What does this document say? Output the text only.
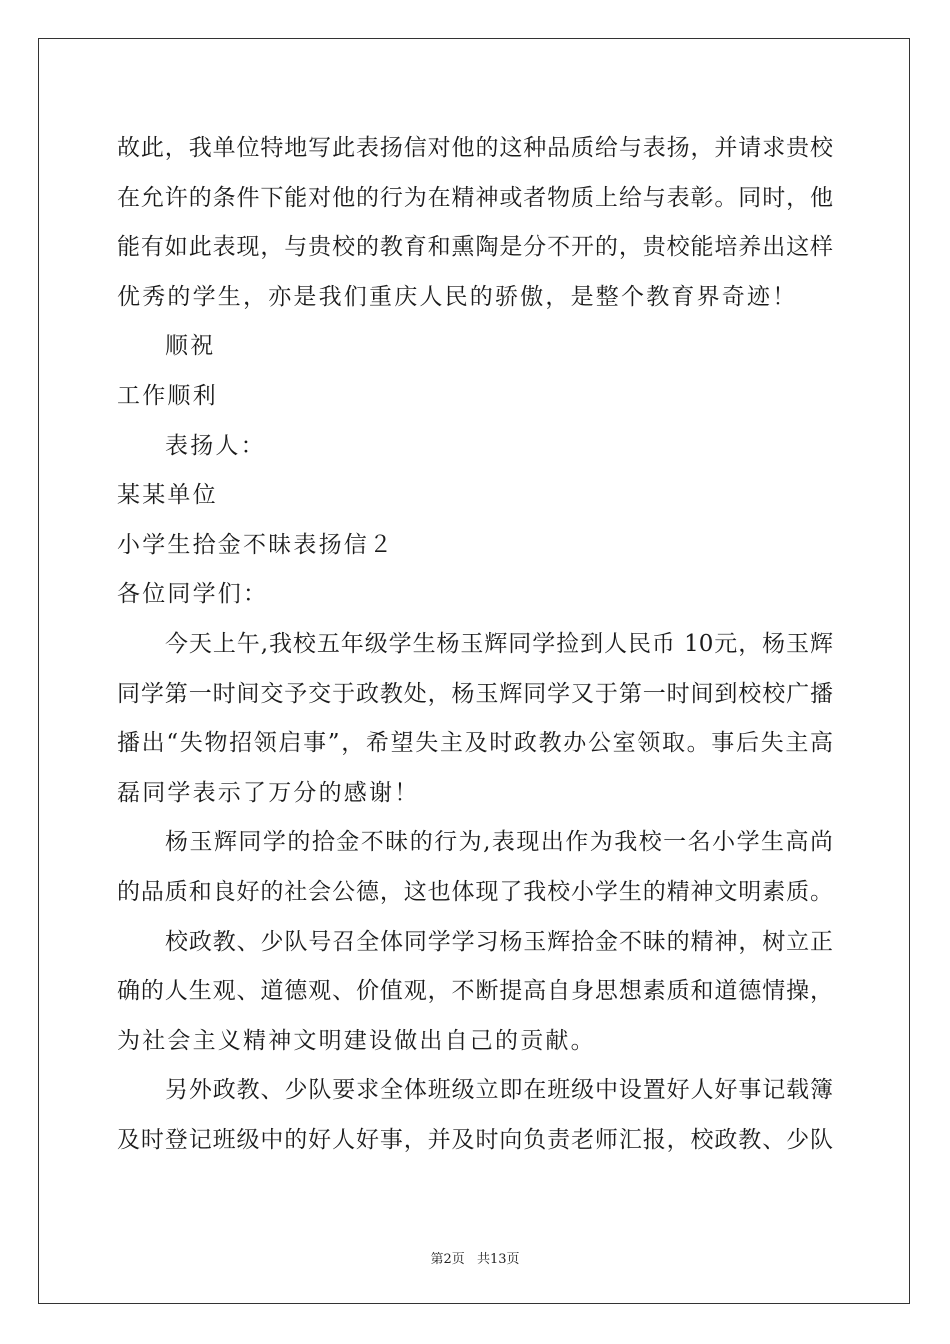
故此，我单位特地写此表扬信对他的这种品质给与表扬，并请求贵校
在允许的条件下能对他的行为在精神或者物质上给与表彰。同时，他
能有如此表现，与贵校的教育和熏陶是分不开的，贵校能培养出这样
优秀的学生，亦是我们重庆人民的骄傲，是整个教育界奇迹！
顺祝
工作顺利
表扬人：
某某单位
小学生拾金不昧表扬信２
各位同学们：
今天上午,我校五年级学生杨玉辉同学捡到人民币 10元，杨玉辉
同学第一时间交予交于政教处，杨玉辉同学又于第一时间到校校广播
播出“失物招领启事”，希望失主及时政教办公室领取。事后失主高
磊同学表示了万分的感谢！
杨玉辉同学的拾金不昧的行为,表现出作为我校一名小学生高尚
的品质和良好的社会公德，这也体现了我校小学生的精神文明素质。
校政教、少队号召全体同学学习杨玉辉拾金不昧的精神，树立正
确的人生观、道德观、价值观，不断提高自身思想素质和道德情操，
为社会主义精神文明建设做出自己的贡献。
另外政教、少队要求全体班级立即在班级中设置好人好事记载簿
及时登记班级中的好人好事，并及时向负责老师汇报，校政教、少队
第2页 共13页
